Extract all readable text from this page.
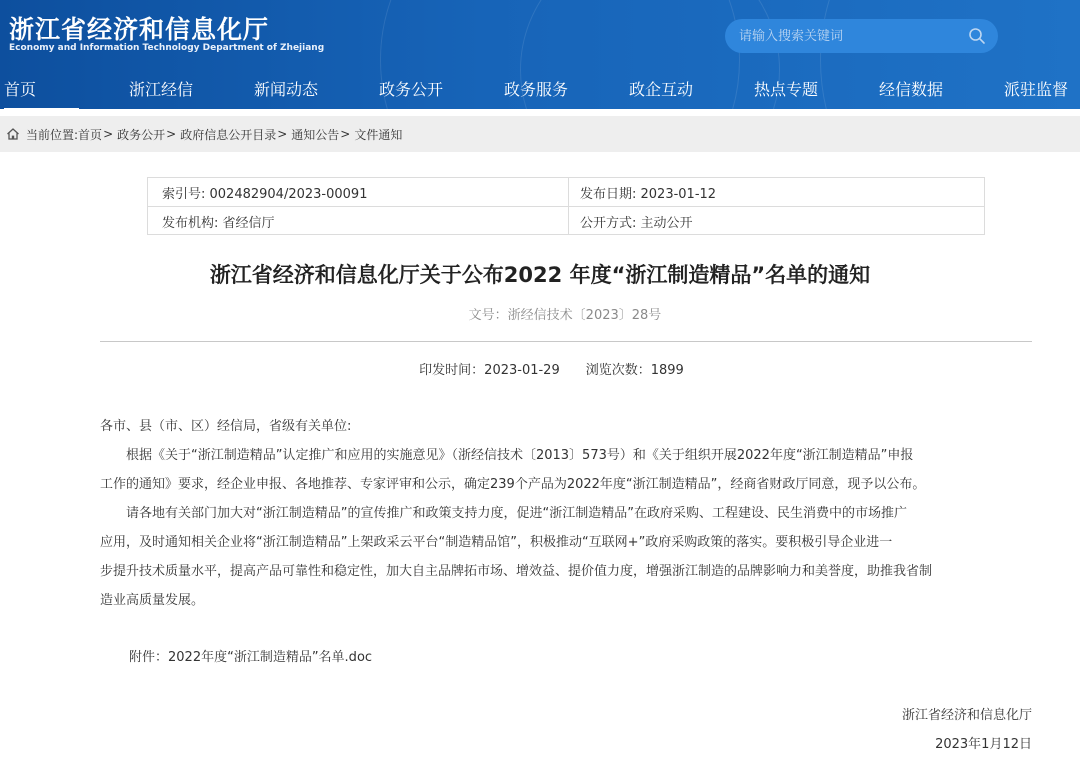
浙江省经济和信息化厅
Economy and Information Technology Department of Zhejiang
请输入搜索关键词
首页	浙江经信	新闻动态	政务公开	政务服务	政企互动	热点专题	经信数据	派驻监督
当前位置: 首页 > 政务公开 > 政府信息公开目录 > 通知公告 > 文件通知
索引号: 002482904/2023-00091	发布日期: 2023-01-12
发布机构: 省经信厅	公开方式: 主动公开
浙江省经济和信息化厅关于公布2022 年度“浙江制造精品”名单的通知
文号：浙经信技术〔2023〕28号
印发时间：2023-01-29 浏览次数：1899
各市、县（市、区）经信局，省级有关单位:
根据《关于“浙江制造精品”认定推广和应用的实施意见》（浙经信技术〔2013〕573号）和《关于组织开展2022年度“浙江制造精品”申报
工作的通知》要求，经企业申报、各地推荐、专家评审和公示，确定239个产品为2022年度“浙江制造精品”，经商省财政厅同意，现予以公布。
请各地有关部门加大对“浙江制造精品”的宣传推广和政策支持力度，促进“浙江制造精品”在政府采购、工程建设、民生消费中的市场推广
应用，及时通知相关企业将“浙江制造精品”上架政采云平台“制造精品馆”，积极推动“互联网+”政府采购政策的落实。要积极引导企业进一
步提升技术质量水平，提高产品可靠性和稳定性，加大自主品牌拓市场、增效益、提价值力度，增强浙江制造的品牌影响力和美誉度，助推我省制
造业高质量发展。
附件：2022年度“浙江制造精品”名单.doc
浙江省经济和信息化厅
2023年1月12日
